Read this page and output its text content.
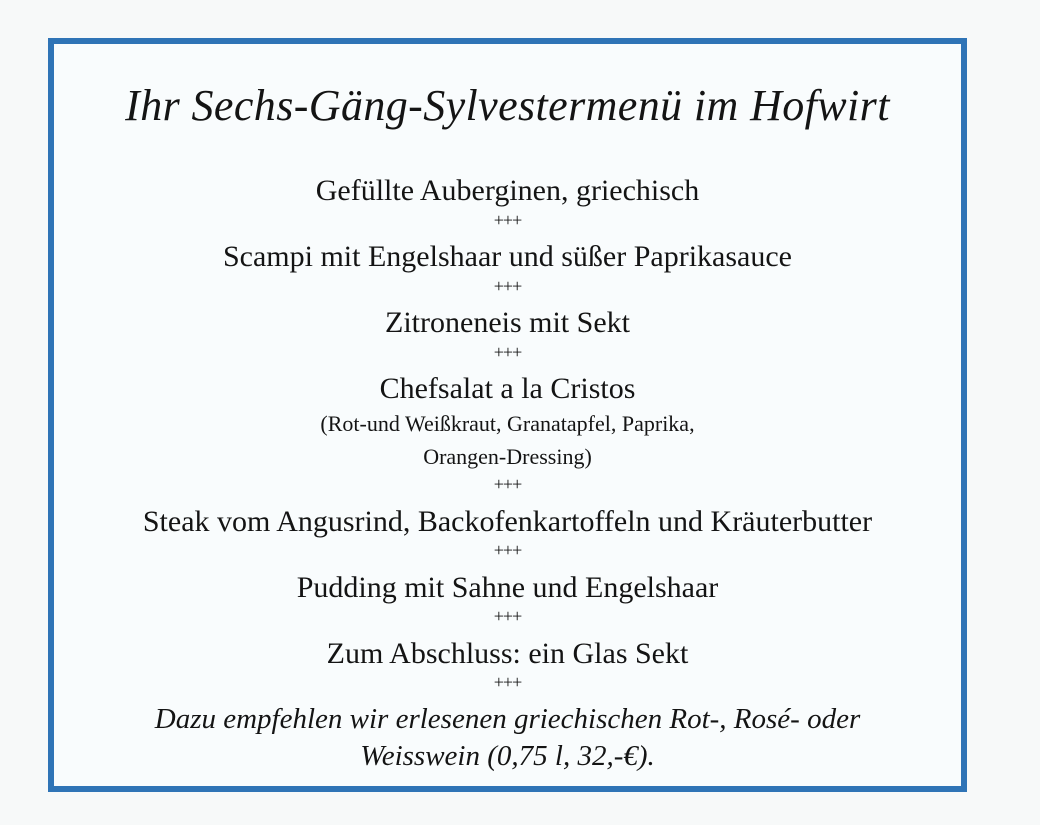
Ihr Sechs-Gäng-Sylvestermenü im Hofwirt
Gefüllte Auberginen, griechisch
+++
Scampi mit Engelshaar und süßer Paprikasauce
+++
Zitroneneis mit Sekt
+++
Chefsalat a la Cristos
(Rot-und Weißkraut, Granatapfel, Paprika,
Orangen-Dressing)
+++
Steak vom Angusrind, Backofenkartoffeln und Kräuterbutter
+++
Pudding mit Sahne und Engelshaar
+++
Zum Abschluss: ein Glas Sekt
+++
Dazu empfehlen wir erlesenen griechischen Rot-, Rosé- oder
Weisswein (0,75 l, 32,-€).
